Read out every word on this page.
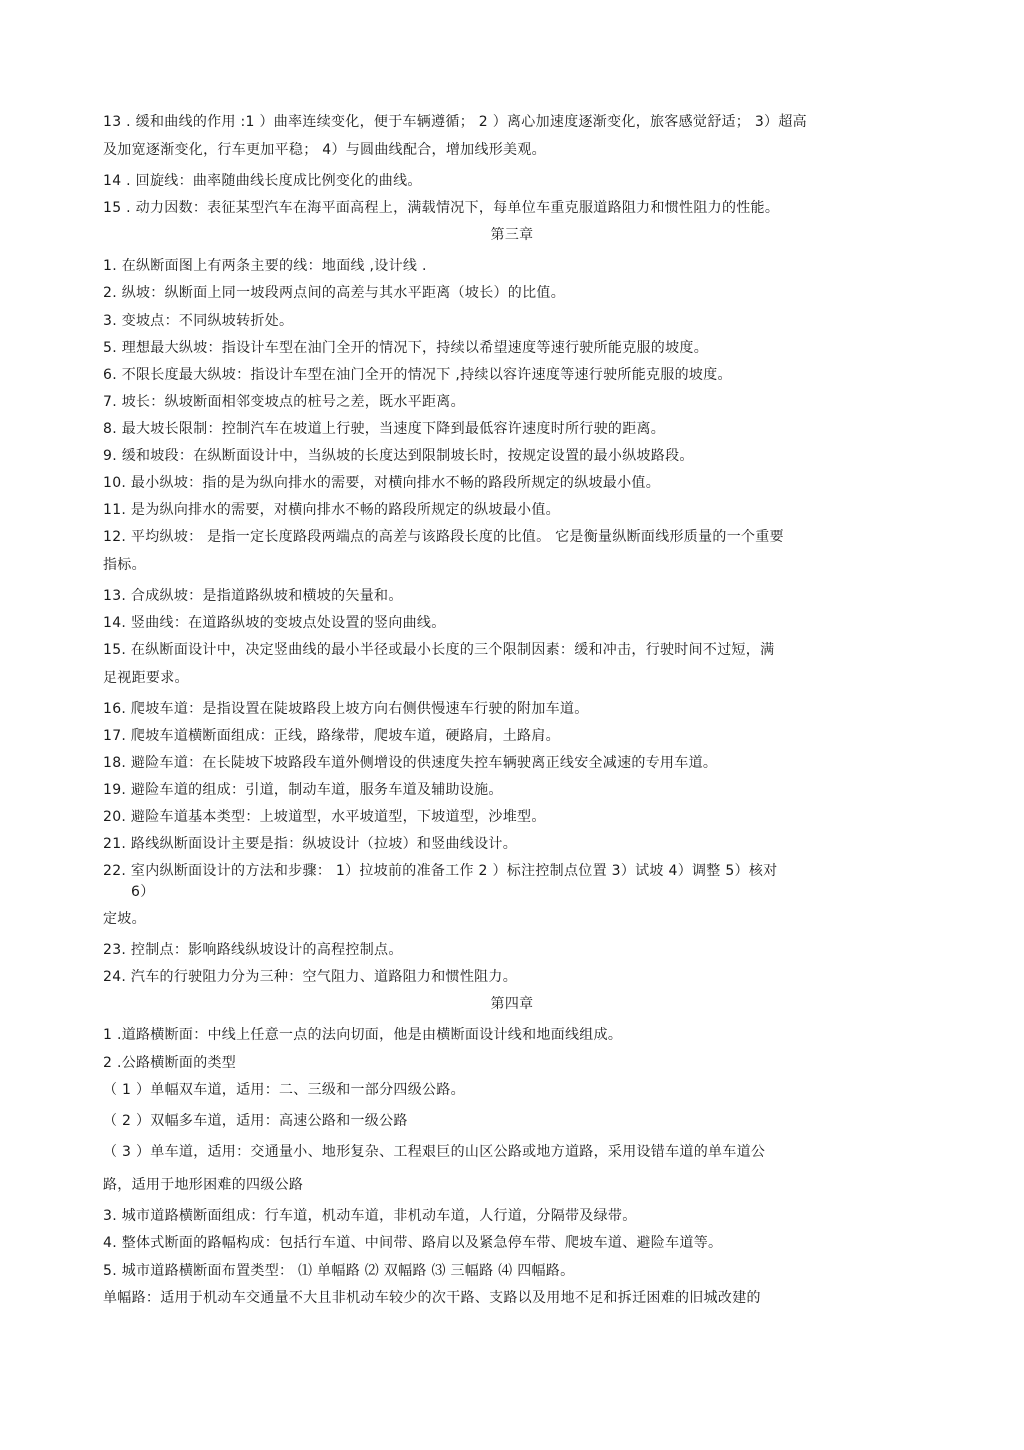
13 . 缓和曲线的作用 :1 ）曲率连续变化，便于车辆遵循； 2 ）离心加速度逐渐变化，旅客感觉舒适； 3）超高
及加宽逐渐变化，行车更加平稳； 4）与圆曲线配合，增加线形美观。
14 . 回旋线：曲率随曲线长度成比例变化的曲线。
15 . 动力因数：表征某型汽车在海平面高程上，满载情况下，每单位车重克服道路阻力和惯性阻力的性能。
第三章
1. 在纵断面图上有两条主要的线：地面线 ,设计线 .
2. 纵坡：纵断面上同一坡段两点间的高差与其水平距离（坡长）的比值。
3. 变坡点：不同纵坡转折处。
5. 理想最大纵坡：指设计车型在油门全开的情况下，持续以希望速度等速行驶所能克服的坡度。
6. 不限长度最大纵坡：指设计车型在油门全开的情况下 ,持续以容许速度等速行驶所能克服的坡度。
7. 坡长：纵坡断面相邻变坡点的桩号之差，既水平距离。
8. 最大坡长限制：控制汽车在坡道上行驶，当速度下降到最低容许速度时所行驶的距离。
9. 缓和坡段：在纵断面设计中，当纵坡的长度达到限制坡长时，按规定设置的最小纵坡路段。
10. 最小纵坡：指的是为纵向排水的需要，对横向排水不畅的路段所规定的纵坡最小值。
11. 是为纵向排水的需要，对横向排水不畅的路段所规定的纵坡最小值。
12. 平均纵坡： 是指一定长度路段两端点的高差与该路段长度的比值。 它是衡量纵断面线形质量的一个重要
指标。
13. 合成纵坡：是指道路纵坡和横坡的矢量和。
14. 竖曲线：在道路纵坡的变坡点处设置的竖向曲线。
15. 在纵断面设计中，决定竖曲线的最小半径或最小长度的三个限制因素：缓和冲击，行驶时间不过短，满
足视距要求。
16. 爬坡车道：是指设置在陡坡路段上坡方向右侧供慢速车行驶的附加车道。
17. 爬坡车道横断面组成：正线，路缘带，爬坡车道，硬路肩，土路肩。
18. 避险车道：在长陡坡下坡路段车道外侧增设的供速度失控车辆驶离正线安全减速的专用车道。
19. 避险车道的组成：引道，制动车道，服务车道及辅助设施。
20. 避险车道基本类型：上坡道型，水平坡道型，下坡道型，沙堆型。
21. 路线纵断面设计主要是指：纵坡设计（拉坡）和竖曲线设计。
22. 室内纵断面设计的方法和步骤： 1）拉坡前的准备工作 2 ）标注控制点位置 3）试坡 4）调整 5）核对
6）
定坡。
23. 控制点：影响路线纵坡设计的高程控制点。
24. 汽车的行驶阻力分为三种：空气阻力、道路阻力和惯性阻力。
第四章
1 .道路横断面：中线上任意一点的法向切面，他是由横断面设计线和地面线组成。
2 .公路横断面的类型
（ 1 ）单幅双车道，适用：二、三级和一部分四级公路。
（ 2 ）双幅多车道，适用：高速公路和一级公路
（ 3 ）单车道，适用：交通量小、地形复杂、工程艰巨的山区公路或地方道路，采用设错车道的单车道公
路，适用于地形困难的四级公路
3. 城市道路横断面组成：行车道，机动车道，非机动车道，人行道，分隔带及绿带。
4. 整体式断面的路幅构成：包括行车道、中间带、路肩以及紧急停车带、爬坡车道、避险车道等。
5. 城市道路横断面布置类型： ⑴ 单幅路 ⑵ 双幅路 ⑶ 三幅路 ⑷ 四幅路。
单幅路：适用于机动车交通量不大且非机动车较少的次干路、支路以及用地不足和拆迁困难的旧城改建的
